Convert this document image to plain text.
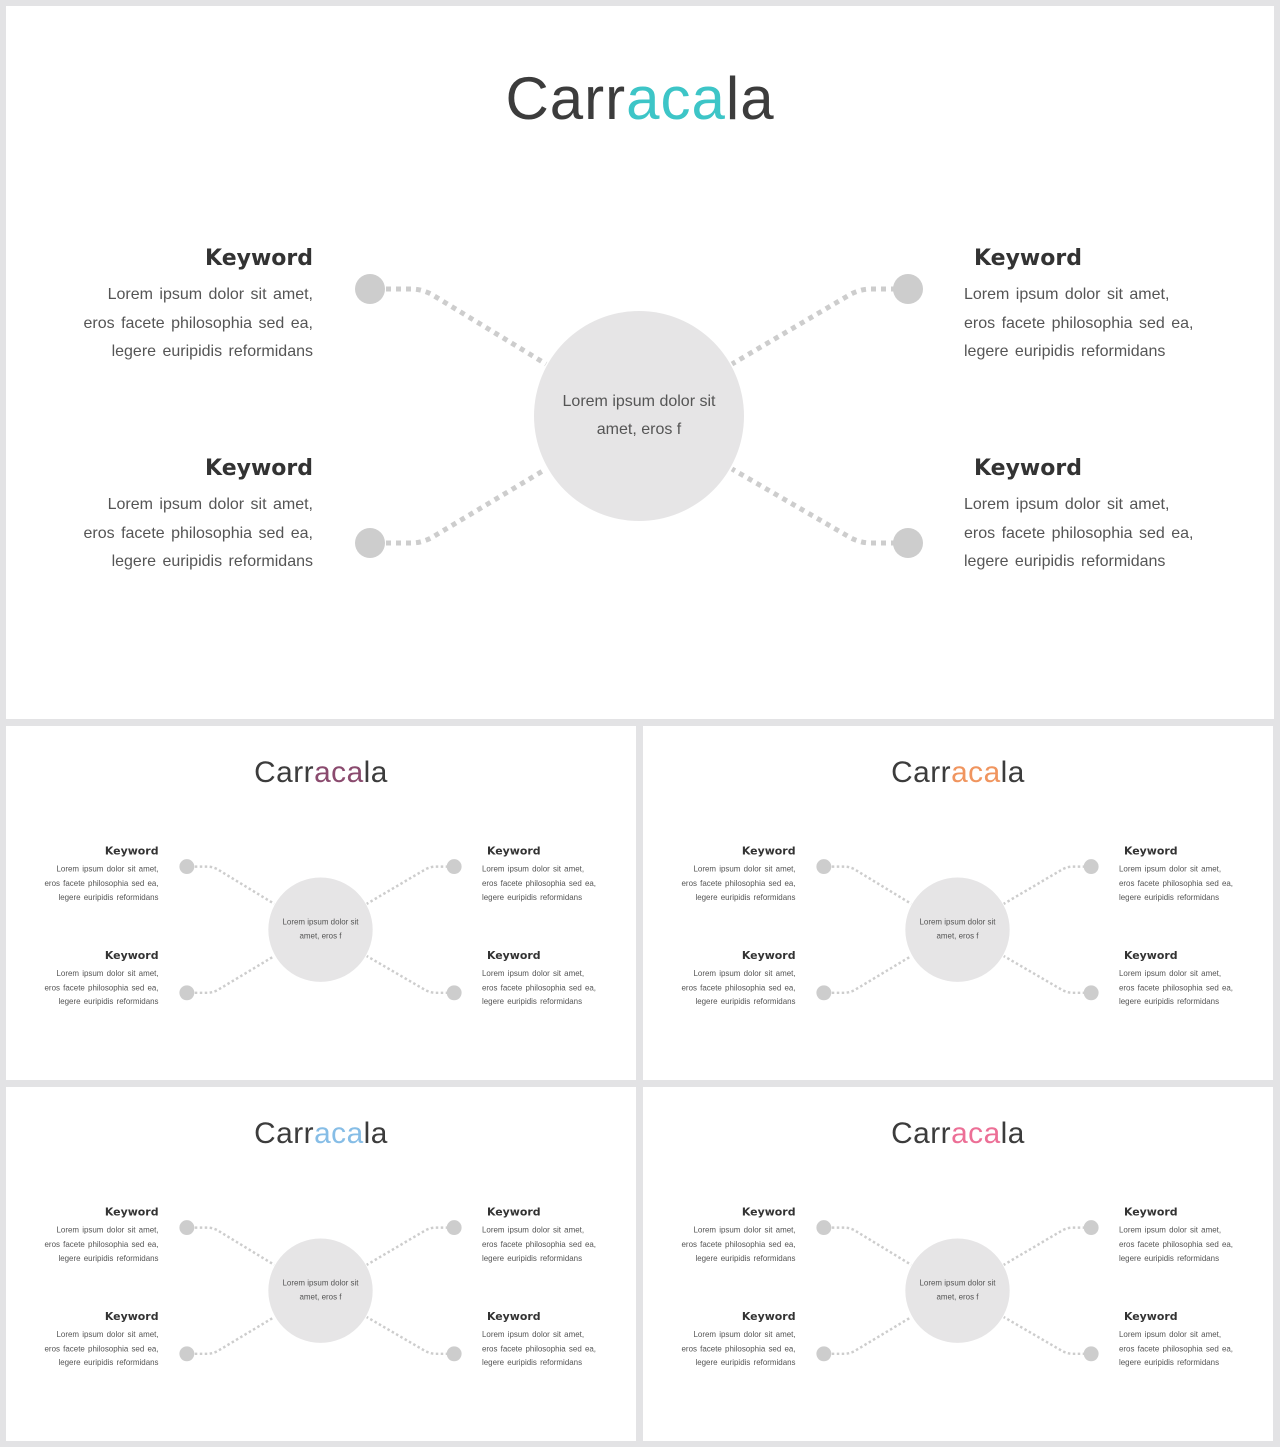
Carracala
Lorem ipsum dolor sit amet, eros f
Keyword
Lorem ipsum dolor sit amet,
eros facete philosophia sed ea,
legere euripidis reformidans
Keyword
Lorem ipsum dolor sit amet,
eros facete philosophia sed ea,
legere euripidis reformidans
Keyword
Lorem ipsum dolor sit amet,
eros facete philosophia sed ea,
legere euripidis reformidans
Keyword
Lorem ipsum dolor sit amet,
eros facete philosophia sed ea,
legere euripidis reformidans
Carracala
Lorem ipsum dolor sit amet, eros f
Keyword
Lorem ipsum dolor sit amet,
eros facete philosophia sed ea,
legere euripidis reformidans
Keyword
Lorem ipsum dolor sit amet,
eros facete philosophia sed ea,
legere euripidis reformidans
Keyword
Lorem ipsum dolor sit amet,
eros facete philosophia sed ea,
legere euripidis reformidans
Keyword
Lorem ipsum dolor sit amet,
eros facete philosophia sed ea,
legere euripidis reformidans
Carracala
Lorem ipsum dolor sit amet, eros f
Keyword
Lorem ipsum dolor sit amet,
eros facete philosophia sed ea,
legere euripidis reformidans
Keyword
Lorem ipsum dolor sit amet,
eros facete philosophia sed ea,
legere euripidis reformidans
Keyword
Lorem ipsum dolor sit amet,
eros facete philosophia sed ea,
legere euripidis reformidans
Keyword
Lorem ipsum dolor sit amet,
eros facete philosophia sed ea,
legere euripidis reformidans
Carracala
Lorem ipsum dolor sit amet, eros f
Keyword
Lorem ipsum dolor sit amet,
eros facete philosophia sed ea,
legere euripidis reformidans
Keyword
Lorem ipsum dolor sit amet,
eros facete philosophia sed ea,
legere euripidis reformidans
Keyword
Lorem ipsum dolor sit amet,
eros facete philosophia sed ea,
legere euripidis reformidans
Keyword
Lorem ipsum dolor sit amet,
eros facete philosophia sed ea,
legere euripidis reformidans
Carracala
Lorem ipsum dolor sit amet, eros f
Keyword
Lorem ipsum dolor sit amet,
eros facete philosophia sed ea,
legere euripidis reformidans
Keyword
Lorem ipsum dolor sit amet,
eros facete philosophia sed ea,
legere euripidis reformidans
Keyword
Lorem ipsum dolor sit amet,
eros facete philosophia sed ea,
legere euripidis reformidans
Keyword
Lorem ipsum dolor sit amet,
eros facete philosophia sed ea,
legere euripidis reformidans
